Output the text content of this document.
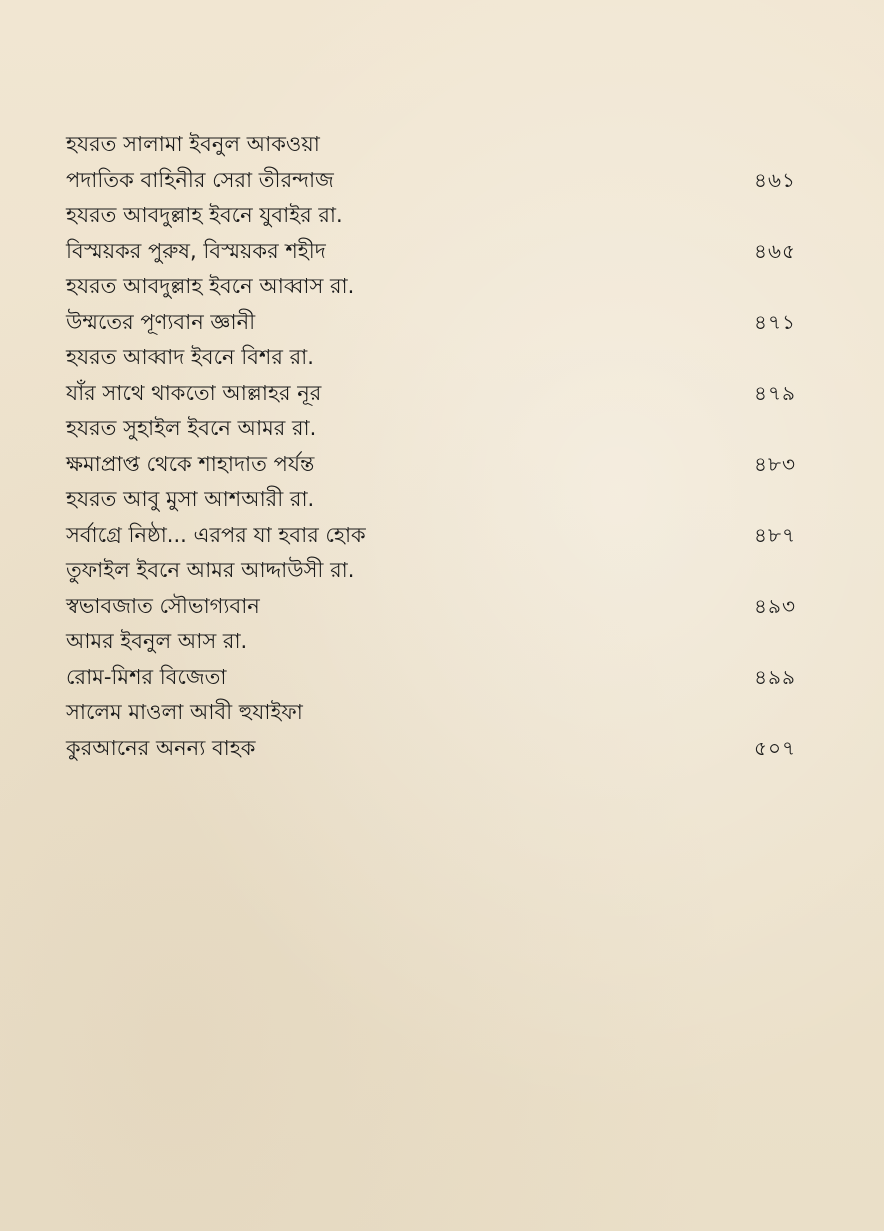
হযরত সালামা ইবনুল আকওয়া
পদাতিক বাহিনীর সেরা তীরন্দাজ	৪৬১
হযরত আবদুল্লাহ ইবনে যুবাইর রা.
বিস্ময়কর পুরুষ, বিস্ময়কর শহীদ	৪৬৫
হযরত আবদুল্লাহ ইবনে আব্বাস রা.
উম্মতের পূণ্যবান জ্ঞানী	৪৭১
হযরত আব্বাদ ইবনে বিশর রা.
যাঁর সাথে থাকতো আল্লাহর নূর	৪৭৯
হযরত সুহাইল ইবনে আমর রা.
ক্ষমাপ্রাপ্ত থেকে শাহাদাত পর্যন্ত	৪৮৩
হযরত আবু মুসা আশআরী রা.
সর্বাগ্রে নিষ্ঠা... এরপর যা হবার হোক	৪৮৭
তুফাইল ইবনে আমর আদ্দাউসী রা.
স্বভাবজাত সৌভাগ্যবান	৪৯৩
আমর ইবনুল আস রা.
রোম-মিশর বিজেতা	৪৯৯
সালেম মাওলা আবী হুযাইফা
কুরআনের অনন্য বাহক	৫০৭
